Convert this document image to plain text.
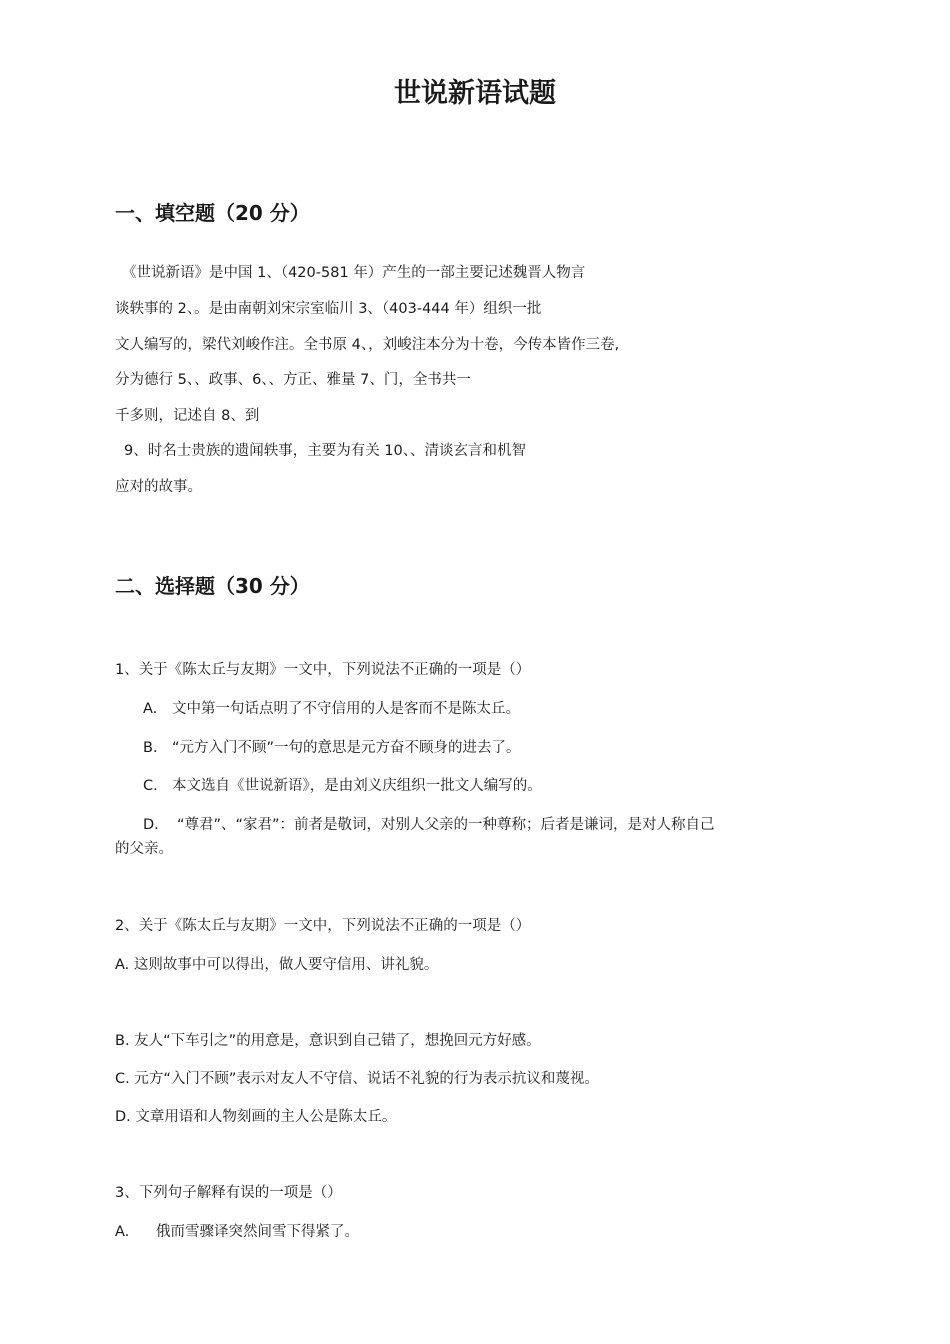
世说新语试题
一、填空题（20 分）
《世说新语》是中国 1、（420-581 年）产生的一部主要记述魏晋人物言
谈轶事的 2、。是由南朝刘宋宗室临川 3、（403-444 年）组织一批
文人编写的，梁代刘峻作注。全书原 4、，刘峻注本分为十卷，今传本皆作三卷,
分为德行 5、、政事、6、、方正、雅量 7、门，全书共一
千多则，记述自 8、到
9、时名士贵族的遗闻轶事，主要为有关 10、、清谈玄言和机智
应对的故事。
二、选择题（30 分）
1、关于《陈太丘与友期》一文中，下列说法不正确的一项是（）
A. 文中第一句话点明了不守信用的人是客而不是陈太丘。
B. “元方入门不顾”一句的意思是元方奋不顾身的进去了。
C. 本文选自《世说新语》，是由刘义庆组织一批文人编写的。
D. “尊君”、“家君”：前者是敬词，对别人父亲的一种尊称；后者是谦词，是对人称自己
的父亲。
2、关于《陈太丘与友期》一文中，下列说法不正确的一项是（）
A. 这则故事中可以得出，做人要守信用、讲礼貌。
B. 友人“下车引之”的用意是，意识到自己错了，想挽回元方好感。
C. 元方“入门不顾”表示对友人不守信、说话不礼貌的行为表示抗议和蔑视。
D. 文章用语和人物刻画的主人公是陈太丘。
3、下列句子解释有误的一项是（）
A. 俄而雪骤译突然间雪下得紧了。
